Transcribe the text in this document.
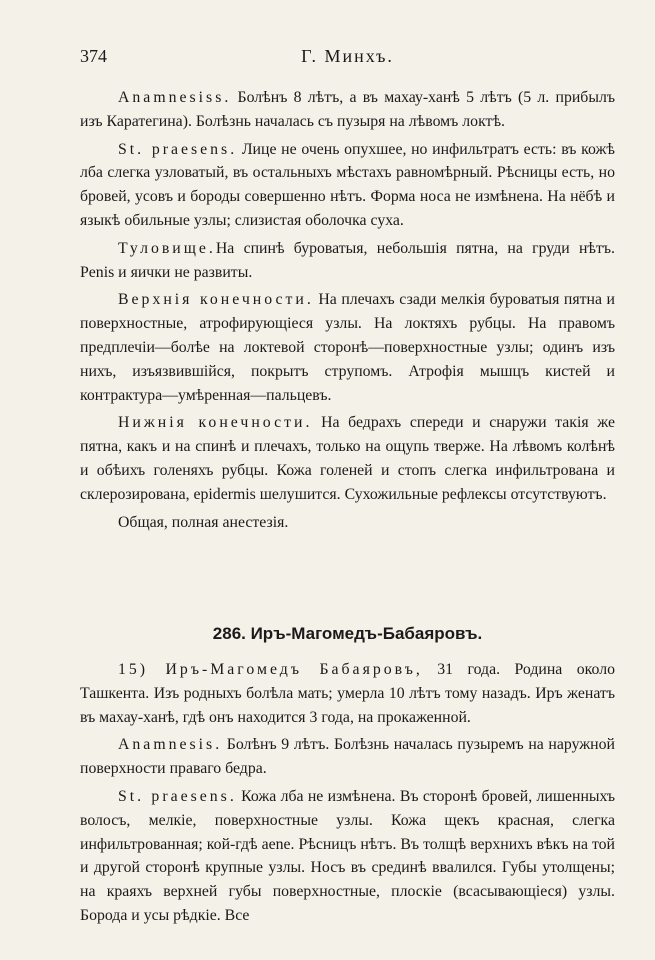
374	Г. Минхъ.

Anamnesiss. Болѣнъ 8 лѣтъ, а въ махау-ханѣ 5 лѣтъ (5 л. прибылъ изъ Каратегина). Болѣзнь началась съ пузыря на лѣвомъ локтѣ.

St. praesens. Лице не очень опухшее, но инфильтратъ есть: въ кожѣ лба слегка узловатый, въ остальныхъ мѣстахъ равномѣрный. Рѣсницы есть, но бровей, усовъ и бороды совершенно нѣтъ. Форма носа не измѣнена. На нёбѣ и языкѣ обильные узлы; слизистая оболочка суха.

Туловище.На спинѣ буроватыя, небольшія пятна, на груди нѣтъ. Penis и яички не развиты.

Верхнія конечности. На плечахъ сзади мелкія буроватыя пятна и поверхностные, атрофирующіеся узлы. На локтяхъ рубцы. На правомъ предплечіи—болѣе на локтевой сторонѣ—поверхностные узлы; одинъ изъ нихъ, изъязвившійся, покрытъ струпомъ. Атрофія мышцъ кистей и контрактура—умѣренная—пальцевъ.

Нижнія конечности. На бедрахъ спереди и снаружи такія же пятна, какъ и на спинѣ и плечахъ, только на ощупь тверже. На лѣвомъ колѣнѣ и обѣихъ голеняхъ рубцы. Кожа голеней и стопъ слегка инфильтрована и склерозирована, epidermis шелушится. Сухожильные рефлексы отсутствуютъ.

Общая, полная анестезія.

286. Иръ-Магомедъ-Бабаяровъ.

15) Иръ-Магомедъ Бабаяровъ, 31 года. Родина около Ташкента. Изъ родныхъ болѣла мать; умерла 10 лѣтъ тому назадъ. Иръ женатъ въ махау-ханѣ, гдѣ онъ находится 3 года, на прокаженной.

Anamnesis. Болѣнъ 9 лѣтъ. Болѣзнь началась пузыремъ на наружной поверхности праваго бедра.

St. praesens. Кожа лба не измѣнена. Въ сторонѣ бровей, лишенныхъ волосъ, мелкіе, поверхностные узлы. Кожа щекъ красная, слегка инфильтрованная; кой-гдѣ aene. Рѣсницъ нѣтъ. Въ толщѣ верхнихъ вѣкъ на той и другой сторонѣ крупные узлы. Носъ въ срединѣ ввалился. Губы утолщены; на краяхъ верхней губы поверхностные, плоскіе (всасывающіеся) узлы. Борода и усы рѣдкіе. Все
